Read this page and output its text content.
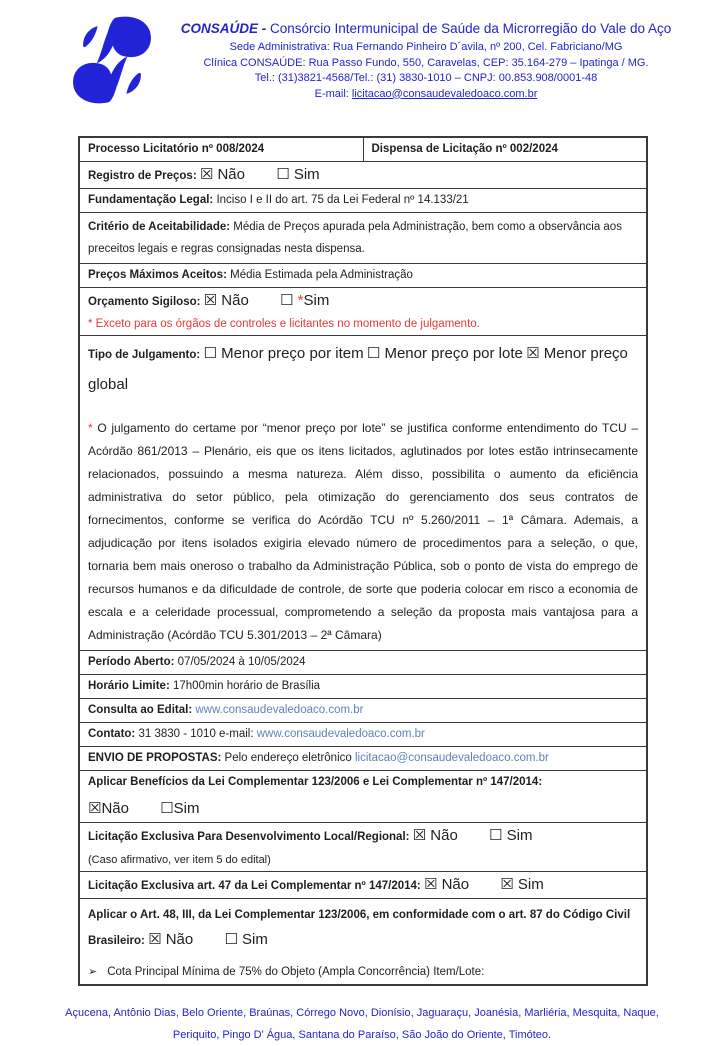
CONSAÚDE - Consórcio Intermunicipal de Saúde da Microrregião do Vale do Aço
Sede Administrativa: Rua Fernando Pinheiro D´avila, nº 200, Cel. Fabriciano/MG
Clínica CONSAÚDE: Rua Passo Fundo, 550, Caravelas, CEP: 35.164-279 – Ipatinga / MG.
Tel.: (31)3821-4568/Tel.: (31) 3830-1010 – CNPJ: 00.853.908/0001-48
E-mail: licitacao@consaudevaledoaco.com.br
Processo Licitatório nº 008/2024	Dispensa de Licitação nº 002/2024
Registro de Preços: ☒ Não ☐ Sim
Fundamentação Legal: Inciso I e II do art. 75 da Lei Federal nº 14.133/21
Critério de Aceitabilidade: Média de Preços apurada pela Administração, bem como a observância aos preceitos legais e regras consignadas nesta dispensa.
Preços Máximos Aceitos: Média Estimada pela Administração

Orçamento Sigiloso: ☒ Não ☐ *Sim
* Exceto para os órgãos de controles e licitantes no momento de julgamento.

Tipo de Julgamento: ☐ Menor preço por item ☐ Menor preço por lote ☒ Menor preço global
* O julgamento do certame por “menor preço por lote” se justifica conforme entendimento do TCU – Acórdão 861/2013 – Plenário, eis que os itens licitados, aglutinados por lotes estão intrinsecamente relacionados, possuindo a mesma natureza. Além disso, possibilita o aumento da eficiência administrativa do setor público, pela otimização do gerenciamento dos seus contratos de fornecimentos, conforme se verifica do Acórdão TCU nº 5.260/2011 – 1ª Câmara. Ademais, a adjudicação por itens isolados exigiria elevado número de procedimentos para a seleção, o que, tornaria bem mais oneroso o trabalho da Administração Pública, sob o ponto de vista do emprego de recursos humanos e da dificuldade de controle, de sorte que poderia colocar em risco a economia de escala e a celeridade processual, comprometendo a seleção da proposta mais vantajosa para a Administração (Acórdão TCU 5.301/2013 – 2ª Câmara)

Período Aberto: 07/05/2024 à 10/05/2024
Horário Limite: 17h00min horário de Brasília
Consulta ao Edital: www.consaudevaledoaco.com.br
Contato: 31 3830 - 1010 e-mail: www.consaudevaledoaco.com.br
ENVIO DE PROPOSTAS: Pelo endereço eletrônico licitacao@consaudevaledoaco.com.br

Aplicar Benefícios da Lei Complementar 123/2006 e Lei Complementar nº 147/2014:
☒Não ☐Sim

Licitação Exclusiva Para Desenvolvimento Local/Regional: ☒ Não ☐ Sim
(Caso afirmativo, ver item 5 do edital)

Licitação Exclusiva art. 47 da Lei Complementar nº 147/2014: ☒ Não ☒ Sim
Aplicar o Art. 48, III, da Lei Complementar 123/2006, em conformidade com o art. 87 do Código Civil Brasileiro: ☒ Não ☐ Sim
➢ Cota Principal Mínima de 75% do Objeto (Ampla Concorrência) Item/Lote:
Açucena, Antônio Dias, Belo Oriente, Braúnas, Córrego Novo, Dionísio, Jaguaraçu, Joanésia, Marliéria, Mesquita, Naque, Periquito, Pingo D' Água, Santana do Paraíso, São João do Oriente, Timóteo.
